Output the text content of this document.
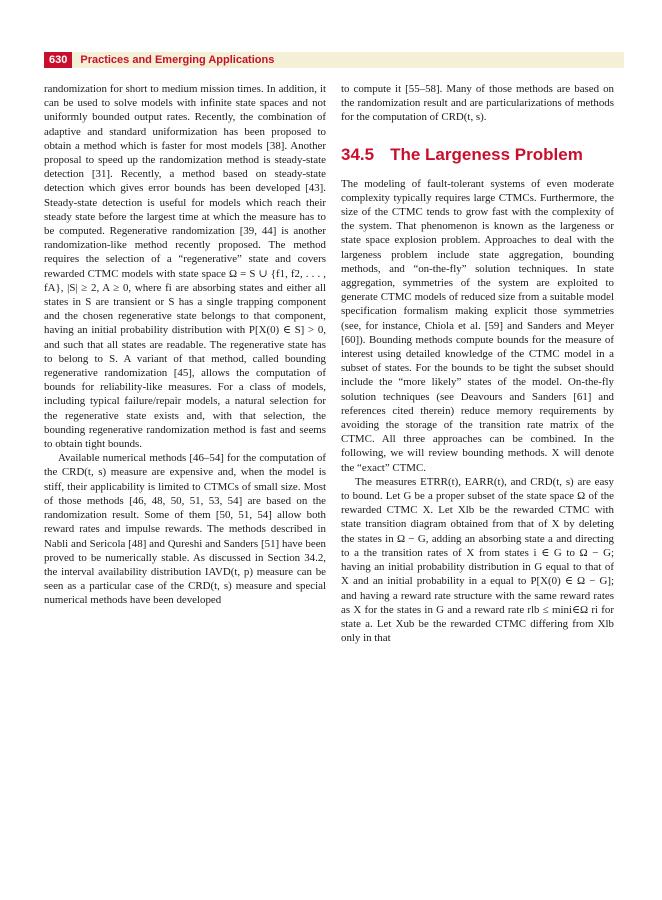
630	Practices and Emerging Applications

randomization for short to medium mission times. In addition, it can be used to solve models with infinite state spaces and not uniformly bounded output rates. Recently, the combination of adaptive and standard uniformization has been proposed to obtain a method which is faster for most models [38]. Another proposal to speed up the randomization method is steady-state detection [31]. Recently, a method based on steady-state detection which gives error bounds has been developed [43]. Steady-state detection is useful for models which reach their steady state before the largest time at which the measure has to be computed. Regenerative randomization [39, 44] is another randomization-like method recently proposed. The method requires the selection of a “regenerative” state and covers rewarded CTMC models with state space Ω = S ∪ {f1, f2, . . . , fA}, |S| ≥ 2, A ≥ 0, where fi are absorbing states and either all states in S are transient or S has a single trapping component and the chosen regenerative state belongs to that component, having an initial probability distribution with P[X(0) ∈ S] > 0, and such that all states are readable. The regenerative state has to belong to S. A variant of that method, called bounding regenerative randomization [45], allows the computation of bounds for reliability-like measures. For a class of models, including typical failure/repair models, a natural selection for the regenerative state exists and, with that selection, the bounding regenerative randomization method is fast and seems to obtain tight bounds.

Available numerical methods [46–54] for the computation of the CRD(t, s) measure are expensive and, when the model is stiff, their applicability is limited to CTMCs of small size. Most of those methods [46, 48, 50, 51, 53, 54] are based on the randomization result. Some of them [50, 51, 54] allow both reward rates and impulse rewards. The methods described in Nabli and Sericola [48] and Qureshi and Sanders [51] have been proved to be numerically stable. As discussed in Section 34.2, the interval availability distribution IAVD(t, p) measure can be seen as a particular case of the CRD(t, s) measure and special numerical methods have been developed

to compute it [55–58]. Many of those methods are based on the randomization result and are particularizations of methods for the computation of CRD(t, s).

34.5 The Largeness Problem

The modeling of fault-tolerant systems of even moderate complexity typically requires large CTMCs. Furthermore, the size of the CTMC tends to grow fast with the complexity of the system. That phenomenon is known as the largeness or state space explosion problem. Approaches to deal with the largeness problem include state aggregation, bounding methods, and “on-the-fly” solution techniques. In state aggregation, symmetries of the system are exploited to generate CTMC models of reduced size from a suitable model specification formalism making explicit those symmetries (see, for instance, Chiola et al. [59] and Sanders and Meyer [60]). Bounding methods compute bounds for the measure of interest using detailed knowledge of the CTMC model in a subset of states. For the bounds to be tight the subset should include the “more likely” states of the model. On-the-fly solution techniques (see Deavours and Sanders [61] and references cited therein) reduce memory requirements by avoiding the storage of the transition rate matrix of the CTMC. All three approaches can be combined. In the following, we will review bounding methods. X will denote the “exact” CTMC.

The measures ETRR(t), EARR(t), and CRD(t, s) are easy to bound. Let G be a proper subset of the state space Ω of the rewarded CTMC X. Let Xlb be the rewarded CTMC with state transition diagram obtained from that of X by deleting the states in Ω − G, adding an absorbing state a and directing to a the transition rates of X from states i ∈ G to Ω − G; having an initial probability distribution in G equal to that of X and an initial probability in a equal to P[X(0) ∈ Ω − G]; and having a reward rate structure with the same reward rates as X for the states in G and a reward rate rlb ≤ mini∈Ω ri for state a. Let Xub be the rewarded CTMC differing from Xlb only in that
